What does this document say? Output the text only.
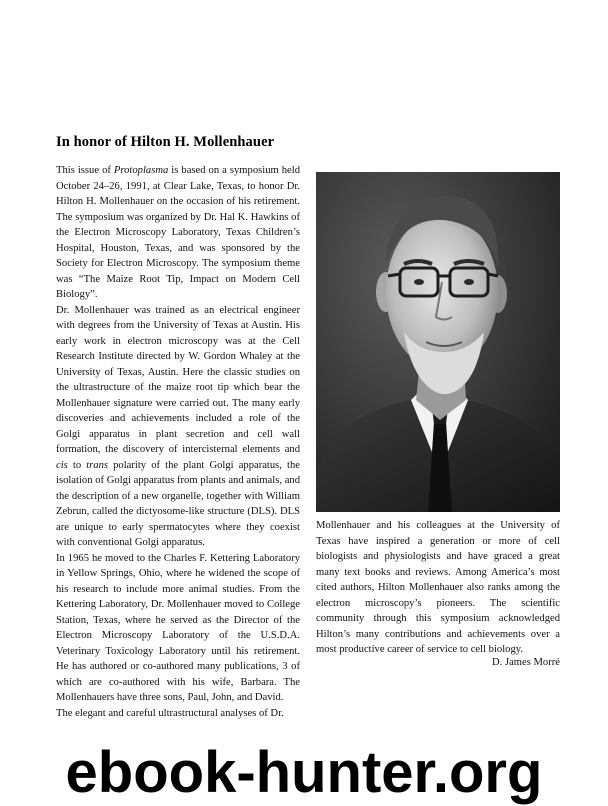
In honor of Hilton H. Mollenhauer

This issue of Protoplasma is based on a symposium held October 24–26, 1991, at Clear Lake, Texas, to honor Dr. Hilton H. Mollenhauer on the occasion of his retirement. The symposium was organized by Dr. Hal K. Hawkins of the Electron Microscopy Laboratory, Texas Children’s Hospital, Houston, Texas, and was sponsored by the Society for Electron Microscopy. The symposium theme was “The Maize Root Tip, Impact on Modern Cell Biology”.

Dr. Mollenhauer was trained as an electrical engineer with degrees from the University of Texas at Austin. His early work in electron microscopy was at the Cell Research Institute directed by W. Gordon Whaley at the University of Texas, Austin. Here the classic studies on the ultrastructure of the maize root tip which bear the Mollenhauer signature were carried out. The many early discoveries and achievements included a role of the Golgi apparatus in plant secretion and cell wall formation, the discovery of intercisternal elements and cis to trans polarity of the plant Golgi apparatus, the isolation of Golgi apparatus from plants and animals, and the description of a new organelle, together with William Zebrun, called the dictyosome-like structure (DLS). DLS are unique to early spermatocytes where they coexist with conventional Golgi apparatus.

In 1965 he moved to the Charles F. Kettering Laboratory in Yellow Springs, Ohio, where he widened the scope of his research to include more animal studies. From the Kettering Laboratory, Dr. Mollenhauer moved to College Station, Texas, where he served as the Director of the Electron Microscopy Laboratory of the U.S.D.A. Veterinary Toxicology Laboratory until his retirement. He has authored or co-authored many publications, 3 of which are co-authored with his wife, Barbara. The Mollenhauers have three sons, Paul, John, and David.

The elegant and careful ultrastructural analyses of Dr.

Mollenhauer and his colleagues at the University of Texas have inspired a generation or more of cell biologists and physiologists and have graced a great many text books and reviews. Among America’s most cited authors, Hilton Mollenhauer also ranks among the electron microscopy’s pioneers. The scientific community through this symposium acknowledged Hilton’s many contributions and achievements over a most productive career of service to cell biology.

D. James Morré
ebook-hunter.org
